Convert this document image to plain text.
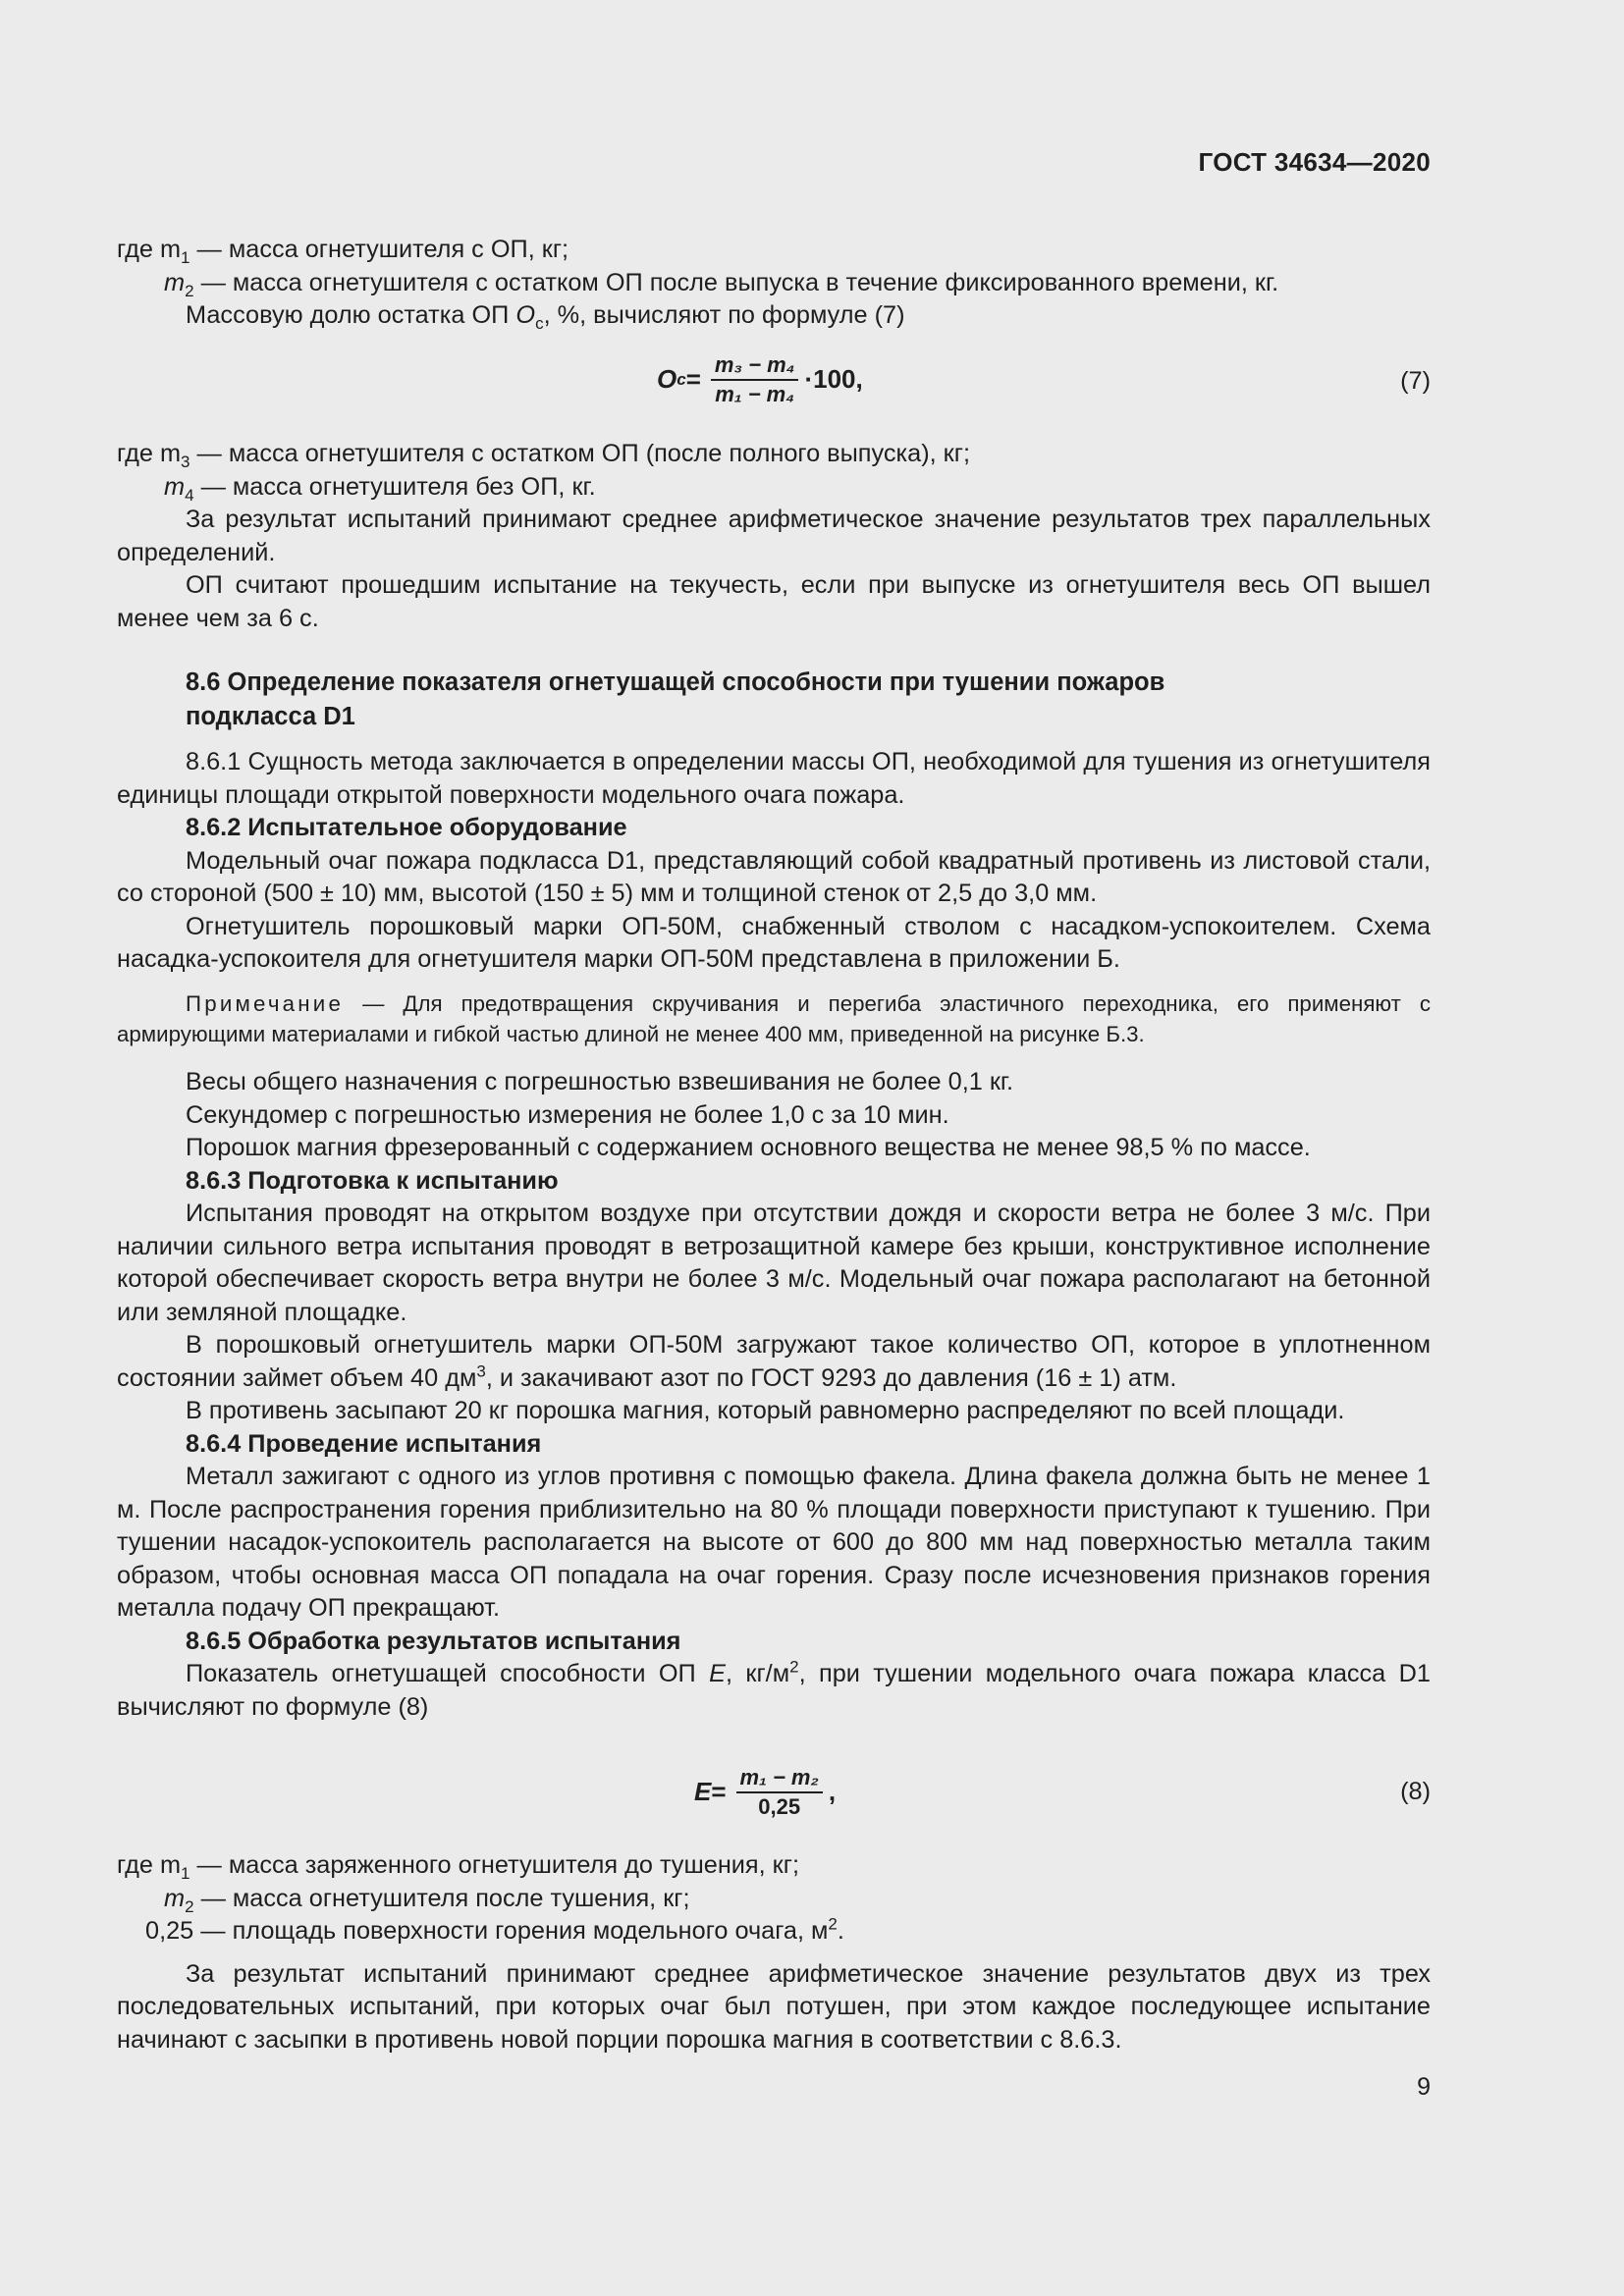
ГОСТ 34634—2020

где $m_1$ — масса огнетушителя с ОП, кг;

$m_2$ — масса огнетушителя с остатком ОП после выпуска в течение фиксированного времени, кг.

Массовую долю остатка ОП $O_с$, %, вычисляют по формуле (7)

O $c = \frac{\text{m₃ − m₄}}{\text{m₁ − m₄}} \cdot 100$,	(7)

где $m_3$ — масса огнетушителя с остатком ОП (после полного выпуска), кг;

$m_4$ — масса огнетушителя без ОП, кг.

За результат испытаний принимают среднее арифметическое значение результатов трех параллельных определений.

ОП считают прошедшим испытание на текучесть, если при выпуске из огнетушителя весь ОП вышел менее чем за 6 с.

8.6 Определение показателя огнетушащей способности при тушении пожаров

подкласса D1

8.6.1 Сущность метода заключается в определении массы ОП, необходимой для тушения из огнетушителя единицы площади открытой поверхности модельного очага пожара.

8.6.2 Испытательное оборудование

Модельный очаг пожара подкласса D1, представляющий собой квадратный противень из листовой стали, со стороной (500 ± 10) мм, высотой (150 ± 5) мм и толщиной стенок от 2,5 до 3,0 мм.

Огнетушитель порошковый марки ОП-50М, снабженный стволом с насадком-успокоителем. Схема насадка-успокоителя для огнетушителя марки ОП-50М представлена в приложении Б.

Примечание — Для предотвращения скручивания и перегиба эластичного переходника, его применяют с армирующими материалами и гибкой частью длиной не менее 400 мм, приведенной на рисунке Б.3.

Весы общего назначения с погрешностью взвешивания не более 0,1 кг.

Секундомер с погрешностью измерения не более 1,0 с за 10 мин.

Порошок магния фрезерованный с содержанием основного вещества не менее 98,5 % по массе.

8.6.3 Подготовка к испытанию

Испытания проводят на открытом воздухе при отсутствии дождя и скорости ветра не более 3 м/с. При наличии сильного ветра испытания проводят в ветрозащитной камере без крыши, конструктивное исполнение которой обеспечивает скорость ветра внутри не более 3 м/с. Модельный очаг пожара располагают на бетонной или земляной площадке.

В порошковый огнетушитель марки ОП-50М загружают такое количество ОП, которое в уплотненном состоянии займет объем 40 $дм^3$, и закачивают азот по ГОСТ 9293 до давления (16 ± 1) атм.

В противень засыпают 20 кг порошка магния, который равномерно распределяют по всей площади.

8.6.4 Проведение испытания

Металл зажигают с одного из углов противня с помощью факела. Длина факела должна быть не менее 1 м. После распространения горения приблизительно на 80 % площади поверхности приступают к тушению. При тушении насадок-успокоитель располагается на высоте от 600 до 800 мм над поверхностью металла таким образом, чтобы основная масса ОП попадала на очаг горения. Сразу после исчезновения признаков горения металла подачу ОП прекращают.

8.6.5 Обработка результатов испытания

Показатель огнетушащей способности ОП E, $кг/м^2$, при тушении модельного очага пожара класса D1 вычисляют по формуле (8)

$E = \frac{\text{m₁ − m₂}}{0,25}$ ,	(8)

где $m_1$ — масса заряженного огнетушителя до тушения, кг;

$m_2$ — масса огнетушителя после тушения, кг;

0,25 — площадь поверхности горения модельного очага, $м^2$.

За результат испытаний принимают среднее арифметическое значение результатов двух из трех последовательных испытаний, при которых очаг был потушен, при этом каждое последующее испытание начинают с засыпки в противень новой порции порошка магния в соответствии с 8.6.3.

9
